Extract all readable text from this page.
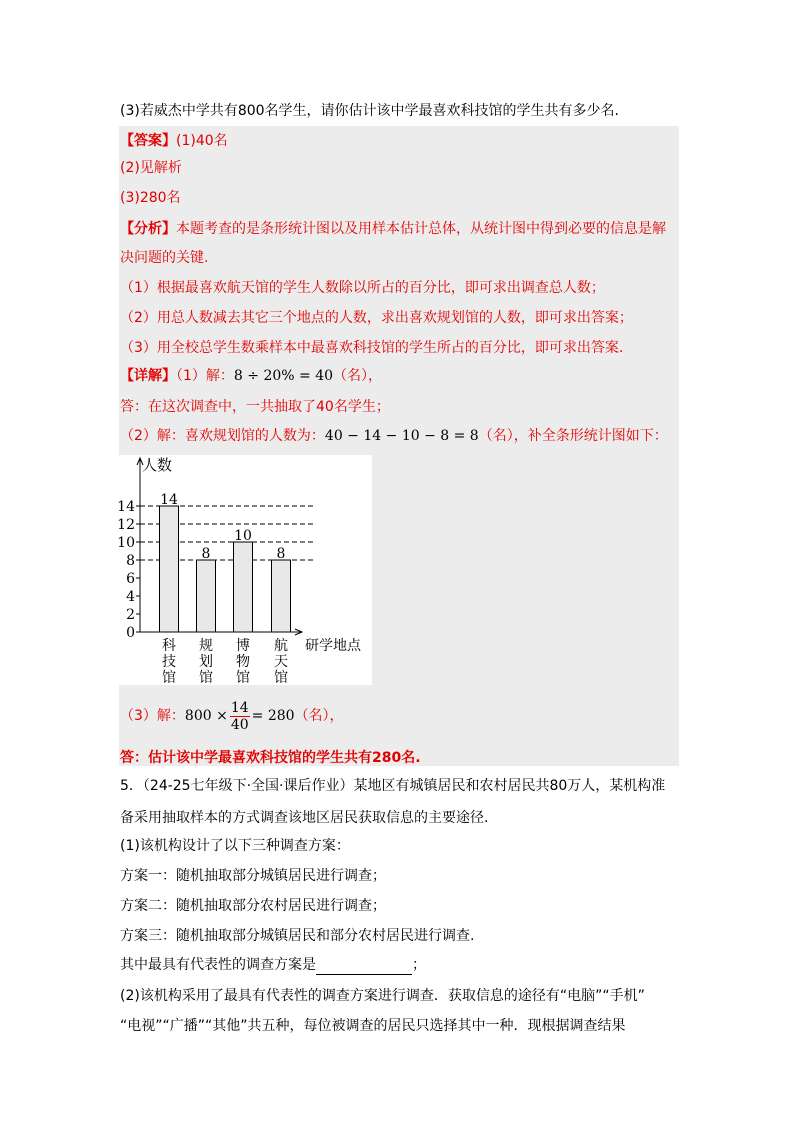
(3)若威杰中学共有800名学生，请你估计该中学最喜欢科技馆的学生共有多少名.
【答案】(1)40名
(2)见解析
(3)280名
【分析】本题考查的是条形统计图以及用样本估计总体，从统计图中得到必要的信息是解
决问题的关键.
（1）根据最喜欢航天馆的学生人数除以所占的百分比，即可求出调查总人数；
（2）用总人数减去其它三个地点的人数，求出喜欢规划馆的人数，即可求出答案；
（3）用全校总学生数乘样本中最喜欢科技馆的学生所占的百分比，即可求出答案.
【详解】（1）解：8 ÷ 20% = 40（名），
答：在这次调查中，一共抽取了40名学生；
（2）解：喜欢规划馆的人数为：40 − 14 − 10 − 8 = 8（名），补全条形统计图如下：
0
2
4
6
8
10
12
14
人数
研学地点
14
科
技
馆
8
规
划
馆
10
博
物
馆
8
航
天
馆
（3）解：$800 \times \frac{14}{40} = 280$（名），
答：估计该中学最喜欢科技馆的学生共有280名.
5．（24-25七年级下·全国·课后作业）某地区有城镇居民和农村居民共80万人，某机构准
备采用抽取样本的方式调查该地区居民获取信息的主要途径.
(1)该机构设计了以下三种调查方案：
方案一：随机抽取部分城镇居民进行调查；
方案二：随机抽取部分农村居民进行调查；
方案三：随机抽取部分城镇居民和部分农村居民进行调查.
其中最具有代表性的调查方案是	；
(2)该机构采用了最具有代表性的调查方案进行调查．获取信息的途径有“电脑”“手机”
“电视”“广播”“其他”共五种，每位被调查的居民只选择其中一种．现根据调查结果
